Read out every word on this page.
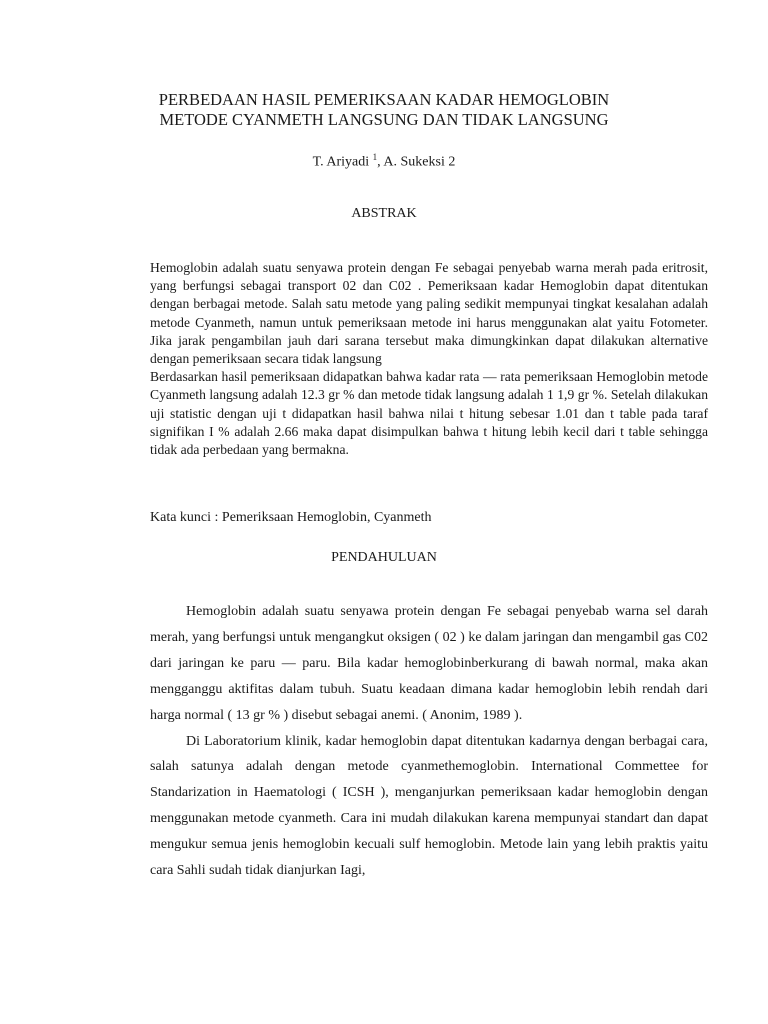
PERBEDAAN HASIL PEMERIKSAAN KADAR HEMOGLOBIN
METODE CYANMETH LANGSUNG DAN TIDAK LANGSUNG
T. Ariyadi $^1$, A. Sukeksi 2
ABSTRAK

Hemoglobin adalah suatu senyawa protein dengan Fe sebagai penyebab warna merah pada eritrosit, yang berfungsi sebagai transport 02 dan C02 . Pemeriksaan kadar Hemoglobin dapat ditentukan dengan berbagai metode. Salah satu metode yang paling sedikit mempunyai tingkat kesalahan adalah metode Cyanmeth, namun untuk pemeriksaan metode ini harus menggunakan alat yaitu Fotometer. Jika jarak pengambilan jauh dari sarana tersebut maka dimungkinkan dapat dilakukan alternative dengan pemeriksaan secara tidak langsung

Berdasarkan hasil pemeriksaan didapatkan bahwa kadar rata — rata pemeriksaan Hemoglobin metode Cyanmeth langsung adalah 12.3 gr % dan metode tidak langsung adalah 1 1,9 gr %. Setelah dilakukan uji statistic dengan uji t didapatkan hasil bahwa nilai t hitung sebesar 1.01 dan t table pada taraf signifikan I % adalah 2.66 maka dapat disimpulkan bahwa t hitung lebih kecil dari t table sehingga tidak ada perbedaan yang bermakna.

Kata kunci : Pemeriksaan Hemoglobin, Cyanmeth
PENDAHULUAN

Hemoglobin adalah suatu senyawa protein dengan Fe sebagai penyebab warna sel darah merah, yang berfungsi untuk mengangkut oksigen ( 02 ) ke dalam jaringan dan mengambil gas C02 dari jaringan ke paru — paru. Bila kadar hemoglobinberkurang di bawah normal, maka akan mengganggu aktifitas dalam tubuh. Suatu keadaan dimana kadar hemoglobin lebih rendah dari harga normal ( 13 gr % ) disebut sebagai anemi. ( Anonim, 1989 ).

Di Laboratorium klinik, kadar hemoglobin dapat ditentukan kadarnya dengan berbagai cara, salah satunya adalah dengan metode cyanmethemoglobin. International Commettee for Standarization in Haematologi ( ICSH ), menganjurkan pemeriksaan kadar hemoglobin dengan menggunakan metode cyanmeth. Cara ini mudah dilakukan karena mempunyai standart dan dapat mengukur semua jenis hemoglobin kecuali sulf hemoglobin. Metode lain yang lebih praktis yaitu cara Sahli sudah tidak dianjurkan Iagi,
